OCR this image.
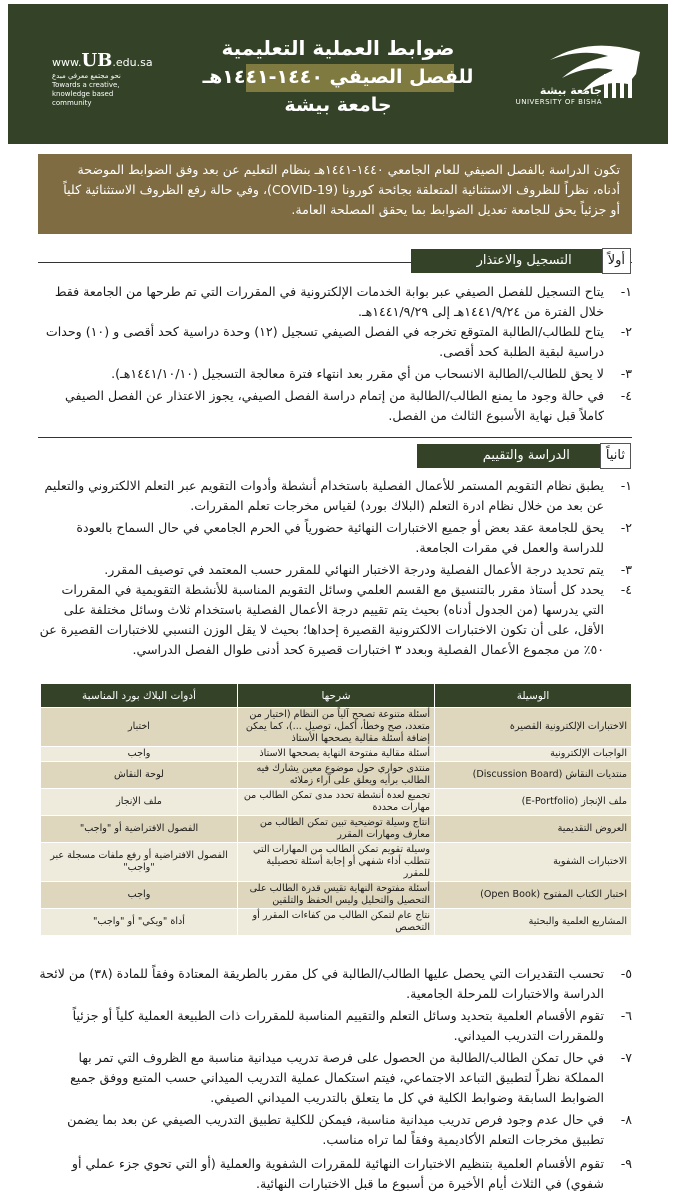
www.UB.edu.sa
نحو مجتمع معرفي مبدع
Towards a creative, knowledge based community
ضوابط العملية التعليمية
للفصل الصيفي ١٤٤٠-١٤٤١هـ
جامعة بيشة
جامعة بيشة
UNIVERSITY OF BISHA
تكون الدراسة بالفصل الصيفي للعام الجامعي ١٤٤٠-١٤٤١هـ بنظام التعليم عن بعد وفق الضوابط الموضحة أدناه، نظراً للظروف الاستثنائية المتعلقة بجائحة كورونا (COVID-19)، وفي حالة رفع الظروف الاستثنائية كلياً أو جزئياً يحق للجامعة تعديل الضوابط بما يحقق المصلحة العامة.
أولاًالتسجيل والاعتذار
١-
يتاح التسجيل للفصل الصيفي عبر بوابة الخدمات الإلكترونية في المقررات التي تم طرحها من الجامعة فقط خلال الفترة من ١٤٤١/٩/٢٤هـ إلى ١٤٤١/٩/٢٩هـ.
٢-
يتاح للطالب/الطالبة المتوقع تخرجه في الفصل الصيفي تسجيل (١٢) وحدة دراسية كحد أقصى و (١٠) وحدات دراسية لبقية الطلبة كحد أقصى.
٣-
لا يحق للطالب/الطالبة الانسحاب من أي مقرر بعد انتهاء فترة معالجة التسجيل (١٤٤١/١٠/١٠هـ).
٤-
في حالة وجود ما يمنع الطالب/الطالبة من إتمام دراسة الفصل الصيفي، يجوز الاعتذار عن الفصل الصيفي كاملاً قبل نهاية الأسبوع الثالث من الفصل.
ثانياًالدراسة والتقييم
١-
يطبق نظام التقويم المستمر للأعمال الفصلية باستخدام أنشطة وأدوات التقويم عبر التعلم الالكتروني والتعليم عن بعد من خلال نظام ادرة التعلم (البلاك بورد) لقياس مخرجات تعلم المقررات.
٢-
يحق للجامعة عقد بعض أو جميع الاختبارات النهائية حضورياً في الحرم الجامعي في حال السماح بالعودة للدراسة والعمل في مقرات الجامعة.
٣-
يتم تحديد درجة الأعمال الفصلية ودرجة الاختبار النهائي للمقرر حسب المعتمد في توصيف المقرر.
٤-
يحدد كل أستاذ مقرر بالتنسيق مع القسم العلمي وسائل التقويم المناسبة للأنشطة التقويمية في المقررات التي يدرسها (من الجدول أدناه) بحيث يتم تقييم درجة الأعمال الفصلية باستخدام ثلاث وسائل مختلفة على الأقل، على أن تكون الاختبارات الالكترونية القصيرة إحداها؛ بحيث لا يقل الوزن النسبي للاختبارات القصيرة عن ٥٠٪ من مجموع الأعمال الفصلية وبعدد ٣ اختبارات قصيرة كحد أدنى طوال الفصل الدراسي.
الوسيلة	شرحها	أدوات البلاك بورد المناسبة
الاختبارات الإلكترونية القصيرة	أسئلة متنوعة تصحح آلياً من النظام (اختيار من متعدد، صح وخطأ، أكمل، توصيل ...)، كما يمكن إضافة أسئلة مقالية يصححها الأستاذ	اختبار
الواجبات الإلكترونية	أسئلة مقالية مفتوحة النهاية يصححها الاستاذ	واجب
منتديات النقاش (Discussion Board)	منتدى حواري حول موضوع معين يشارك فيه الطالب برأيه ويعلق على آراء زملائه	لوحة النقاش
ملف الإنجاز (E-Portfolio)	تجميع لعدة أنشطة تحدد مدى تمكن الطالب من مهارات محددة	ملف الإنجاز
العروض التقديمية	انتاج وسيلة توضيحية تبين تمكن الطالب من معارف ومهارات المقرر	الفصول الافتراضية أو "واجب"
الاختبارات الشفوية	وسيلة تقويم تمكن الطالب من المهارات التي تتطلب أداء شفهي أو إجابة أسئلة تحصيلية للمقرر	الفصول الافتراضية أو رفع ملفات مسجلة عبر "واجب"
اختبار الكتاب المفتوح (Open Book)	أسئلة مفتوحة النهاية تقيس قدرة الطالب على التحصيل والتحليل وليس الحفظ والتلقين	واجب
المشاريع العلمية والبحثية	نتاج عام لتمكن الطالب من كفاءات المقرر أو التخصص	أداة "ويكي" أو "واجب"
٥-
تحسب التقديرات التي يحصل عليها الطالب/الطالبة في كل مقرر بالطريقة المعتادة وفقاً للمادة (٣٨) من لائحة الدراسة والاختبارات للمرحلة الجامعية.
٦-
تقوم الأقسام العلمية بتحديد وسائل التعلم والتقييم المناسبة للمقررات ذات الطبيعة العملية كلياً أو جزئياً وللمقررات التدريب الميداني.
٧-
في حال تمكن الطالب/الطالبة من الحصول على فرصة تدريب ميدانية مناسبة مع الظروف التي تمر بها المملكة نظراً لتطبيق التباعد الاجتماعي، فيتم استكمال عملية التدريب الميداني حسب المتبع ووفق جميع الضوابط السابقة وضوابط الكلية في كل ما يتعلق بالتدريب الميداني الصيفي.
٨-
في حال عدم وجود فرص تدريب ميدانية مناسبة، فيمكن للكلية تطبيق التدريب الصيفي عن بعد بما يضمن تطبيق مخرجات التعلم الأكاديمية وفقاً لما تراه مناسب.
٩-
تقوم الأقسام العلمية بتنظيم الاختبارات النهائية للمقررات الشفوية والعملية (أو التي تحوي جزء عملي أو شفوي) في الثلاث أيام الأخيرة من أسبوع ما قبل الاختبارات النهائية.
